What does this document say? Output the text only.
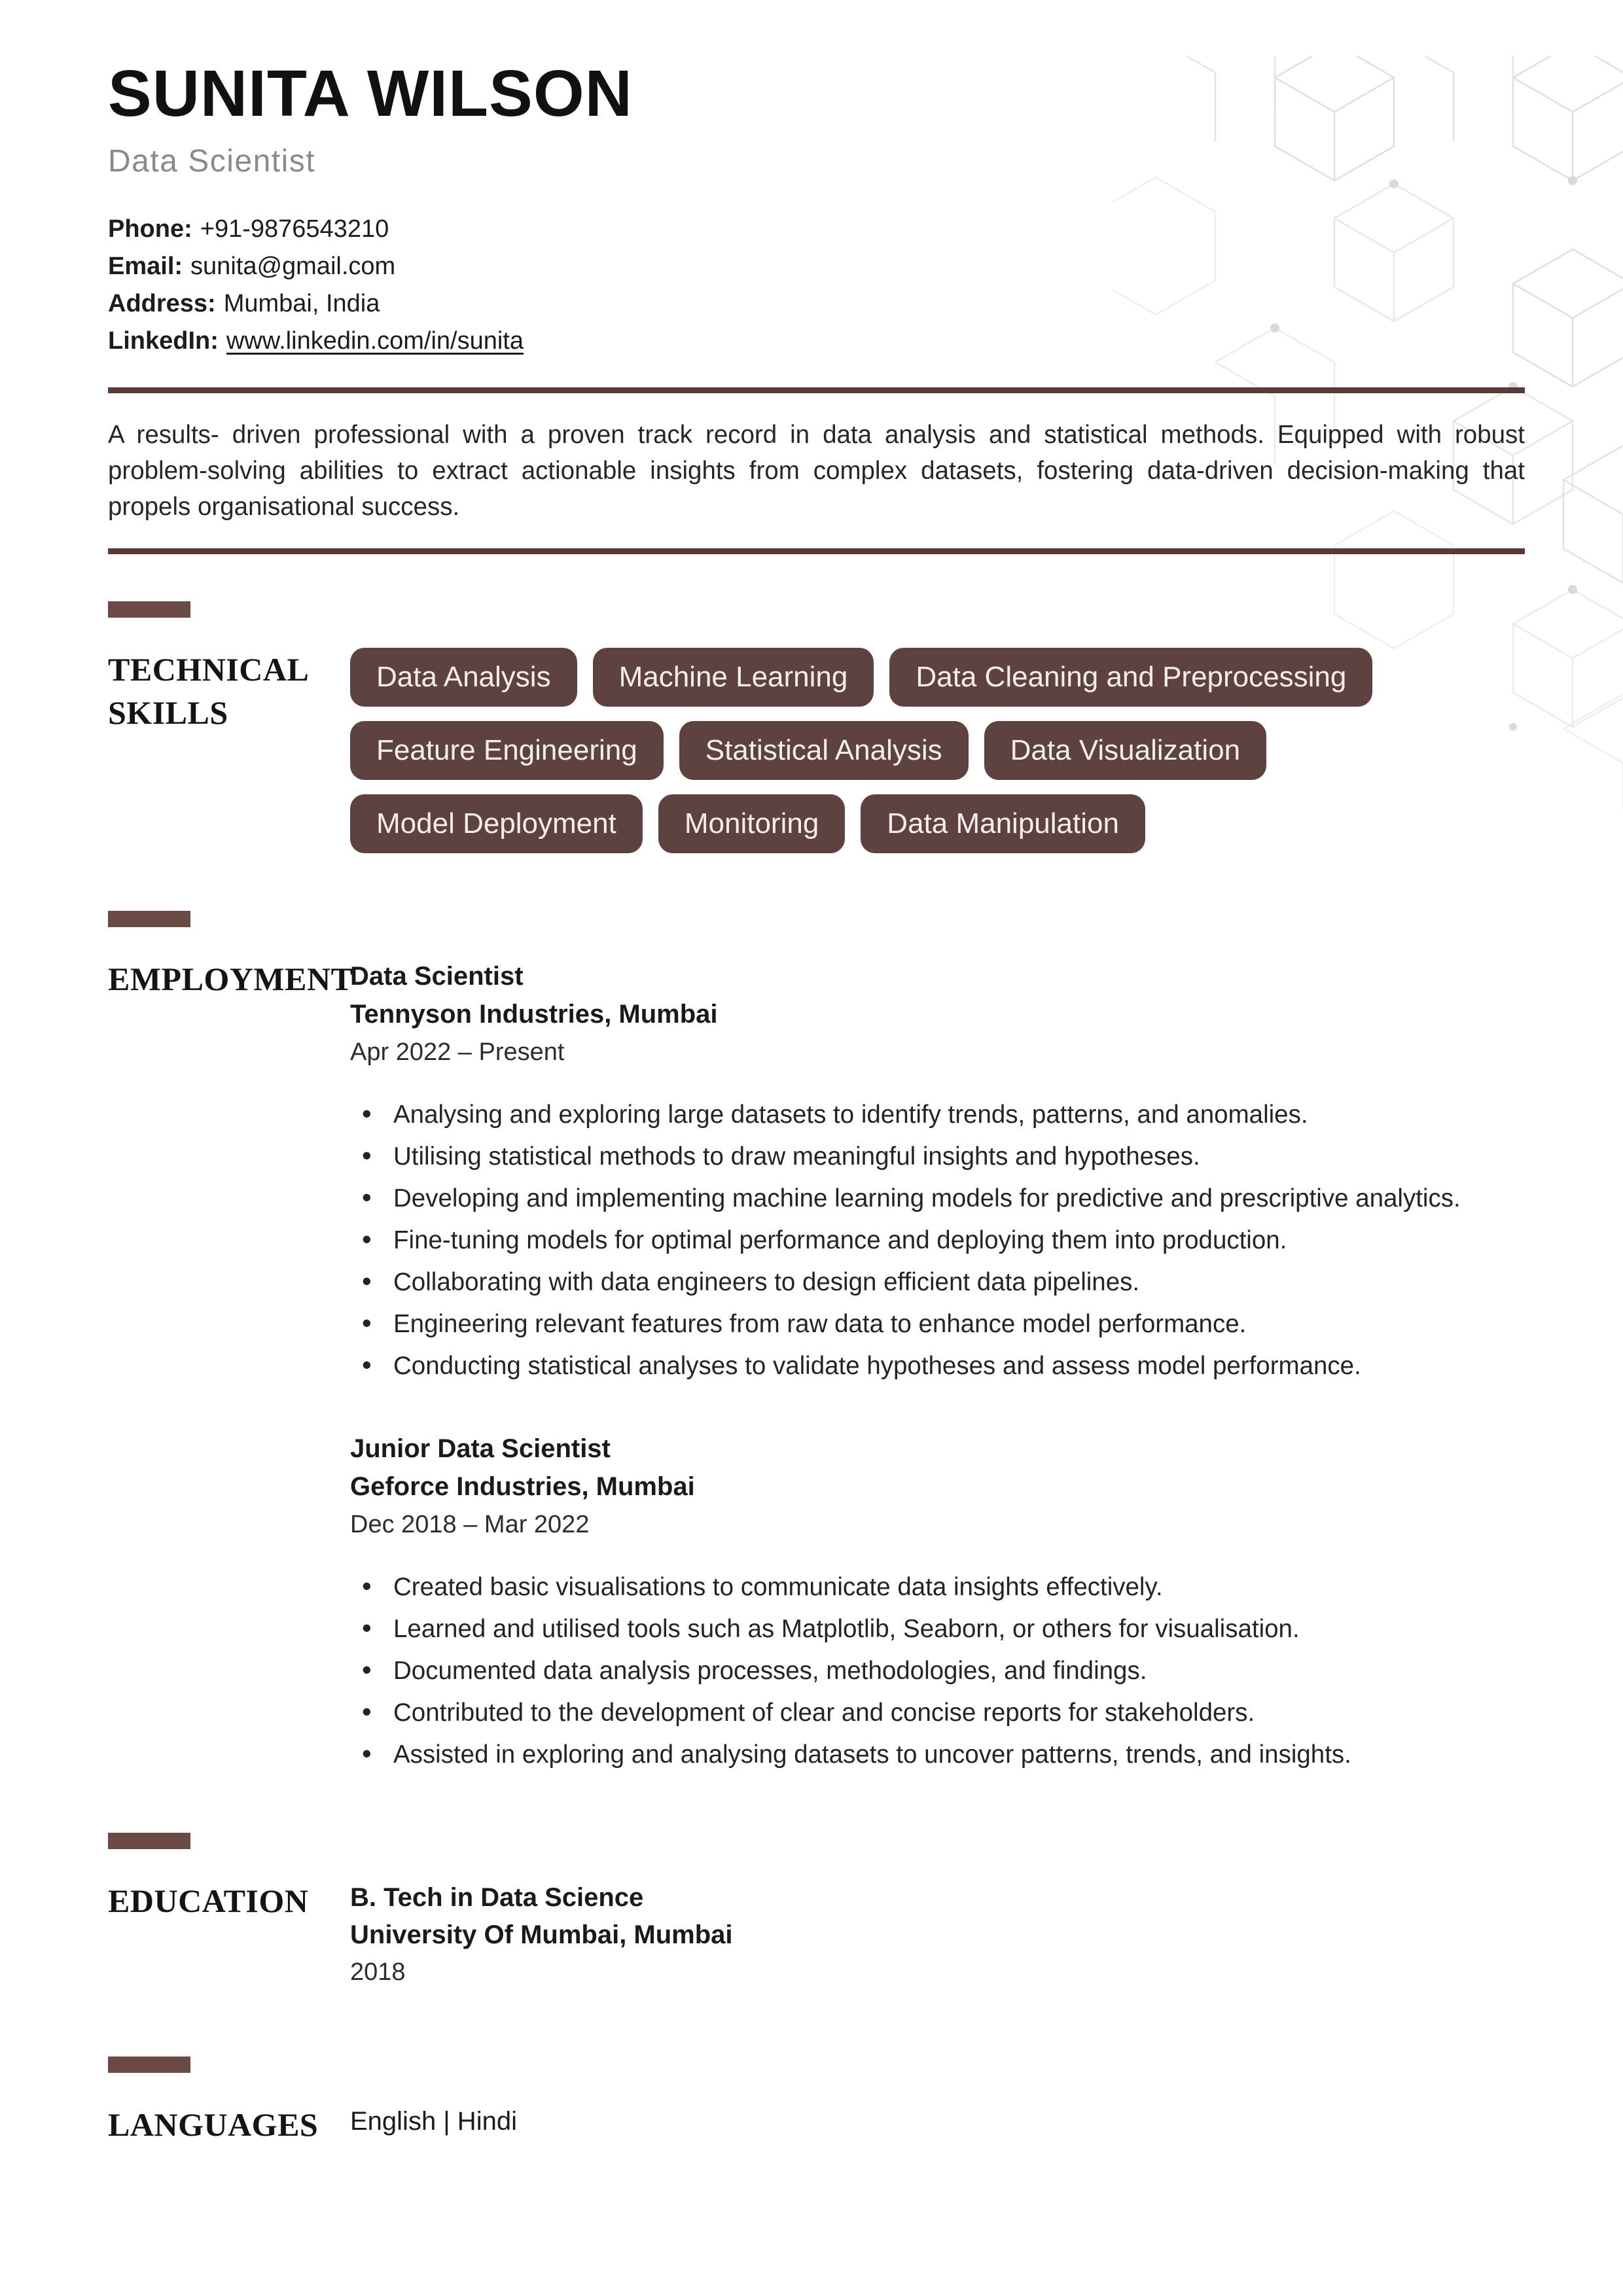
SUNITA WILSON
Data Scientist
Phone: +91-9876543210
Email: sunita@gmail.com
Address: Mumbai, India
LinkedIn: www.linkedin.com/in/sunita
A results- driven professional with a proven track record in data analysis and statistical methods. Equipped with robust problem-solving abilities to extract actionable insights from complex datasets, fostering data-driven decision-making that propels organisational success.
TECHNICAL SKILLS
Data Analysis	Machine Learning	Data Cleaning and Preprocessing
Feature Engineering	Statistical Analysis	Data Visualization
Model Deployment	Monitoring	Data Manipulation
EMPLOYMENT
Data Scientist
Tennyson Industries, Mumbai
Apr 2022 – Present
• Analysing and exploring large datasets to identify trends, patterns, and anomalies.
• Utilising statistical methods to draw meaningful insights and hypotheses.
• Developing and implementing machine learning models for predictive and prescriptive analytics.
• Fine-tuning models for optimal performance and deploying them into production.
• Collaborating with data engineers to design efficient data pipelines.
• Engineering relevant features from raw data to enhance model performance.
• Conducting statistical analyses to validate hypotheses and assess model performance.
Junior Data Scientist
Geforce Industries, Mumbai
Dec 2018 – Mar 2022
• Created basic visualisations to communicate data insights effectively.
• Learned and utilised tools such as Matplotlib, Seaborn, or others for visualisation.
• Documented data analysis processes, methodologies, and findings.
• Contributed to the development of clear and concise reports for stakeholders.
• Assisted in exploring and analysing datasets to uncover patterns, trends, and insights.
EDUCATION	B. Tech in Data Science
University Of Mumbai, Mumbai
2018
LANGUAGES	English | Hindi
